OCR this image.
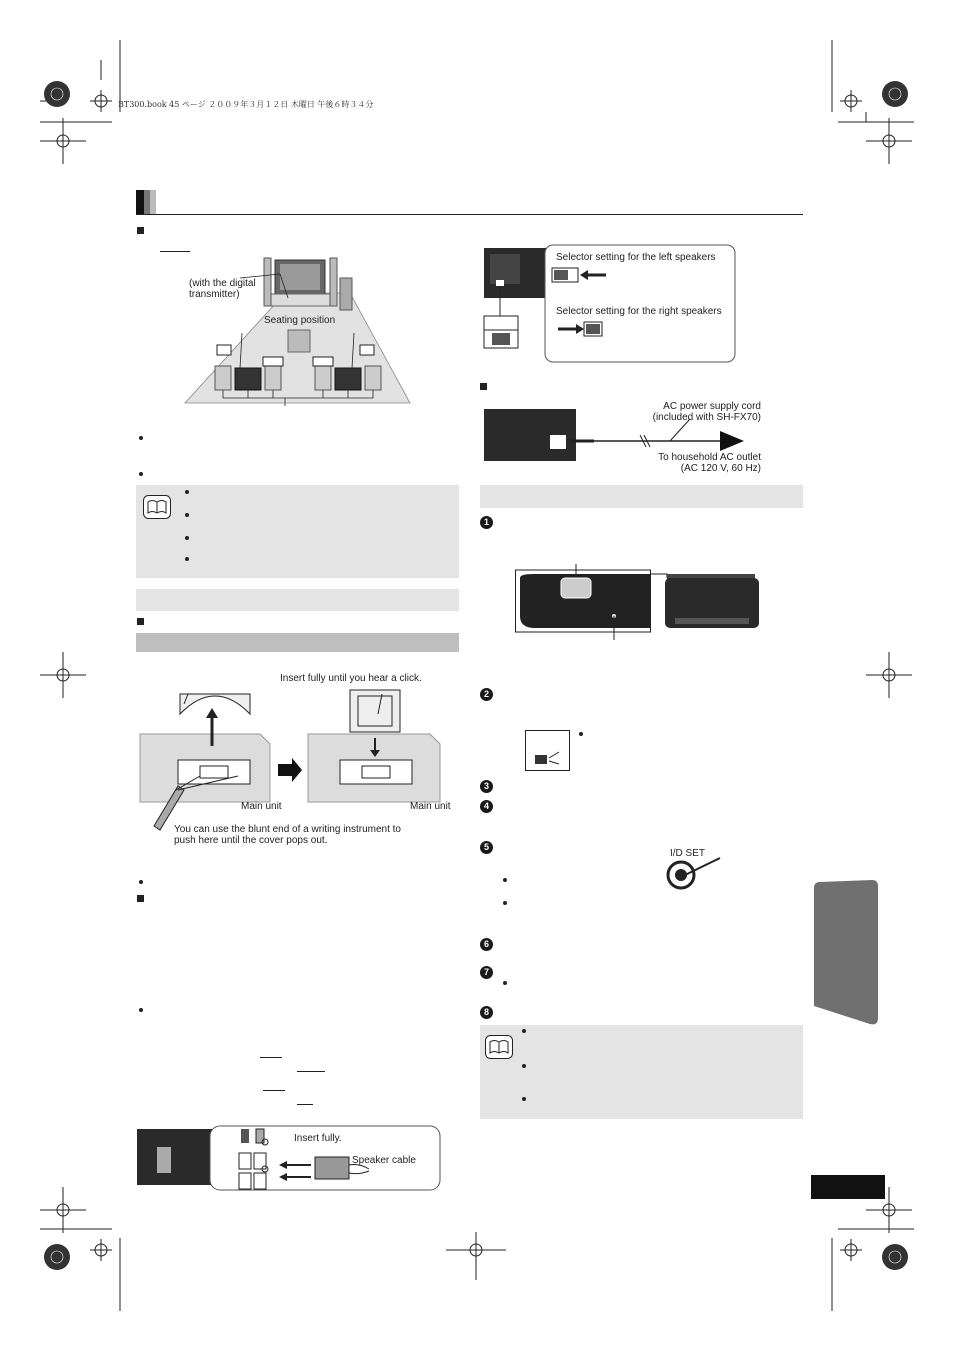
BT300.book 45 ページ ２００９年３月１２日 木曜日 午後６時３４分
(with the digital
transmitter)
Seating position
Insert fully until you hear a click.
Main unit	Main unit
You can use the blunt end of a writing instrument to
push here until the cover pops out.
Insert fully.
Speaker cable
Selector setting for the left speakers
Selector setting for the right speakers
AC power supply cord
(included with SH-FX70)
To household AC outlet
(AC 120 V, 60 Hz)
1
2
3
4
5
I/D SET
6
7
8
